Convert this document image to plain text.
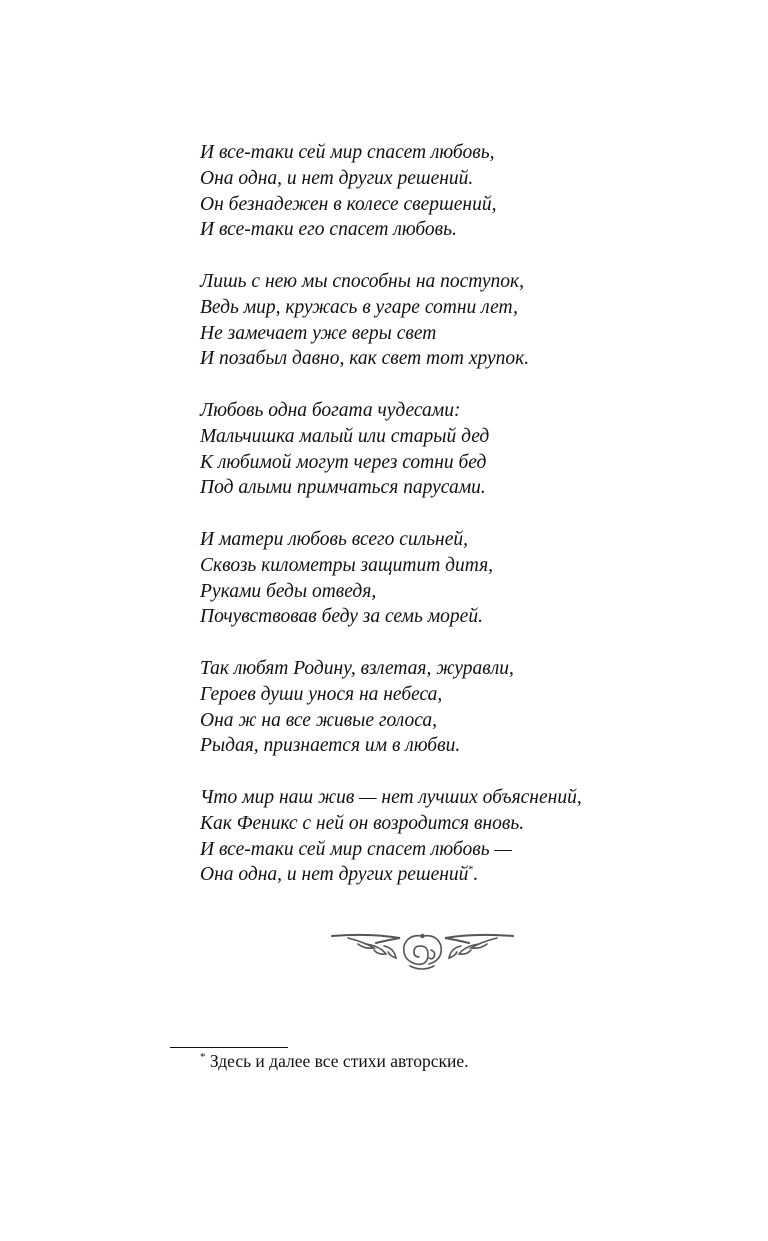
И все-таки сей мир спасет любовь,
Она одна, и нет других решений.
Он безнадежен в колесе свершений,
И все-таки его спасет любовь.
Лишь с нею мы способны на поступок,
Ведь мир, кружась в угаре сотни лет,
Не замечает уже веры свет
И позабыл давно, как свет тот хрупок.
Любовь одна богата чудесами:
Мальчишка малый или старый дед
К любимой могут через сотни бед
Под алыми примчаться парусами.
И матери любовь всего сильней,
Сквозь километры защитит дитя,
Руками беды отведя,
Почувствовав беду за семь морей.
Так любят Родину, взлетая, журавли,
Героев души унося на небеса,
Она ж на все живые голоса,
Рыдая, признается им в любви.
Что мир наш жив — нет лучших объяснений,
Как Феникс с ней он возродится вновь.
И все-таки сей мир спасет любовь —
Она одна, и нет других решений*.
* Здесь и далее все стихи авторские.
